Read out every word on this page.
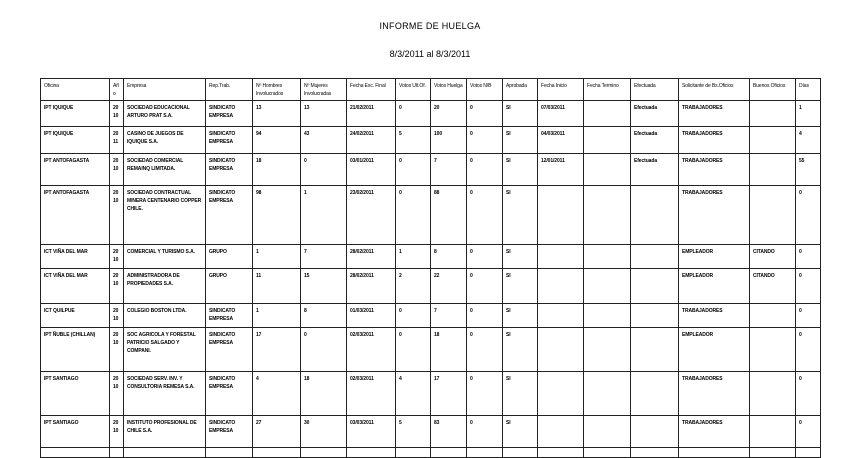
INFORME DE HUELGA
8/3/2011 al 8/3/2011
Oficina	Año	Empresa	Rep.Trab.	Nº Hombres Involucrados	Nº Mujeres Involucradas	Fecha Exc. Final	Votos Ult.Of.	Votos Huelga	Votos N/B	Aprobada	Fecha Inicio	Fecha Termino	Efectuada	Solicitante de Bs.Oficios	Buenos Oficios	Días
IPT IQUIQUE	2010	SOCIEDAD EDUCACIONAL ARTURO PRAT S.A.	SINDICATO EMPRESA	13	13	21/02/2011	0	20	0	SI	07/03/2011		Efectuada	TRABAJADORES		1
IPT IQUIQUE	2011	CASINO DE JUEGOS DE IQUIQUE S.A.	SINDICATO EMPRESA	94	43	24/02/2011	5	100	0	SI	04/03/2011		Efectuada	TRABAJADORES		4
IPT ANTOFAGASTA	2010	SOCIEDAD COMERCIAL REMAINQ LIMITADA.	SINDICATO EMPRESA	18	0	03/01/2011	0	7	0	SI	12/01/2011		Efectuada	TRABAJADORES		55
IPT ANTOFAGASTA	2010	SOCIEDAD CONTRACTUAL MINERA CENTENARIO COPPER CHILE.	SINDICATO EMPRESA	98	1	23/02/2011	0	88	0	SI				TRABAJADORES		0
ICT VIÑA DEL MAR	2010	COMERCIAL Y TURISMO S.A.	GRUPO	1	7	28/02/2011	1	8	0	SI				EMPLEADOR	CITANDO	0
ICT VIÑA DEL MAR	2010	ADMINISTRADORA DE PROPIEDADES S.A.	GRUPO	11	15	28/02/2011	2	22	0	SI				EMPLEADOR	CITANDO	0
ICT QUILPUE	2010	COLEGIO BOSTON LTDA.	SINDICATO EMPRESA	1	8	01/03/2011	0	7	0	SI				TRABAJADORES		0
IPT ÑUBLE (CHILLAN)	2010	SOC AGRICOLA Y FORESTAL PATRICIO SALGADO Y COMPANI.	SINDICATO EMPRESA	17	0	02/03/2011	0	18	0	SI				EMPLEADOR		0
IPT SANTIAGO	2010	SOCIEDAD SERV. INV. Y CONSULTORIA REMESA S.A.	SINDICATO EMPRESA	4	18	02/03/2011	4	17	0	SI				TRABAJADORES		0
IPT SANTIAGO	2010	INSTITUTO PROFESIONAL DE CHILE S.A.	SINDICATO EMPRESA	27	30	03/03/2011	5	83	0	SI				TRABAJADORES		0
